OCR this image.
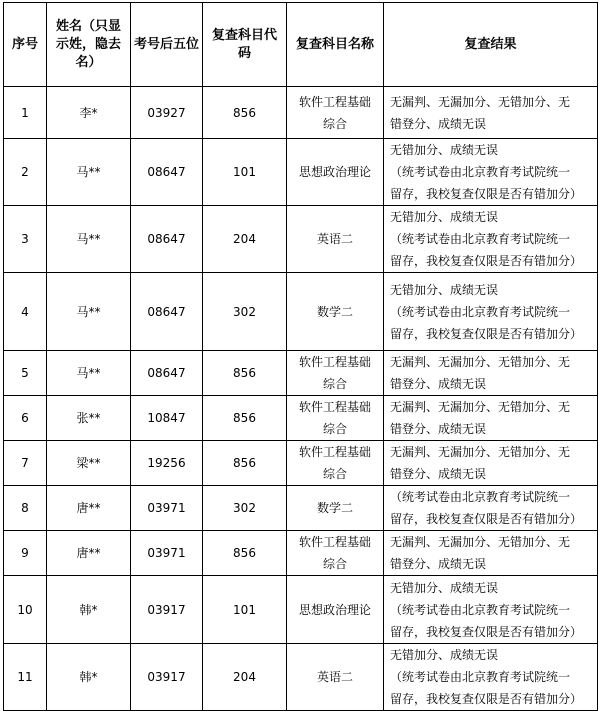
序号	姓名（只显示姓，隐去名）	考号后五位	复查科目代码	复查科目名称	复查结果
1	李*	03927	856	软件工程基础
综合	无漏判、无漏加分、无错加分、无
错登分、成绩无误

2	马**	08647	101	思想政治理论	无错加分、成绩无误
（统考试卷由北京教育考试院统一
留存，我校复查仅限是否有错加分）

3	马**	08647	204	英语二	无错加分、成绩无误
（统考试卷由北京教育考试院统一
留存，我校复查仅限是否有错加分）

4	马**	08647	302	数学二	无错加分、成绩无误
（统考试卷由北京教育考试院统一
留存，我校复查仅限是否有错加分）

5	马**	08647	856	软件工程基础
综合	无漏判、无漏加分、无错加分、无
错登分、成绩无误

6	张**	10847	856	软件工程基础
综合	无漏判、无漏加分、无错加分、无
错登分、成绩无误

7	梁**	19256	856	软件工程基础
综合	无漏判、无漏加分、无错加分、无
错登分、成绩无误

8	唐**	03971	302	数学二	（统考试卷由北京教育考试院统一
留存，我校复查仅限是否有错加分）

9	唐**	03971	856	软件工程基础
综合	无漏判、无漏加分、无错加分、无
错登分、成绩无误

10	韩*	03917	101	思想政治理论	无错加分、成绩无误
（统考试卷由北京教育考试院统一
留存，我校复查仅限是否有错加分）

11	韩*	03917	204	英语二	无错加分、成绩无误
（统考试卷由北京教育考试院统一
留存，我校复查仅限是否有错加分）
